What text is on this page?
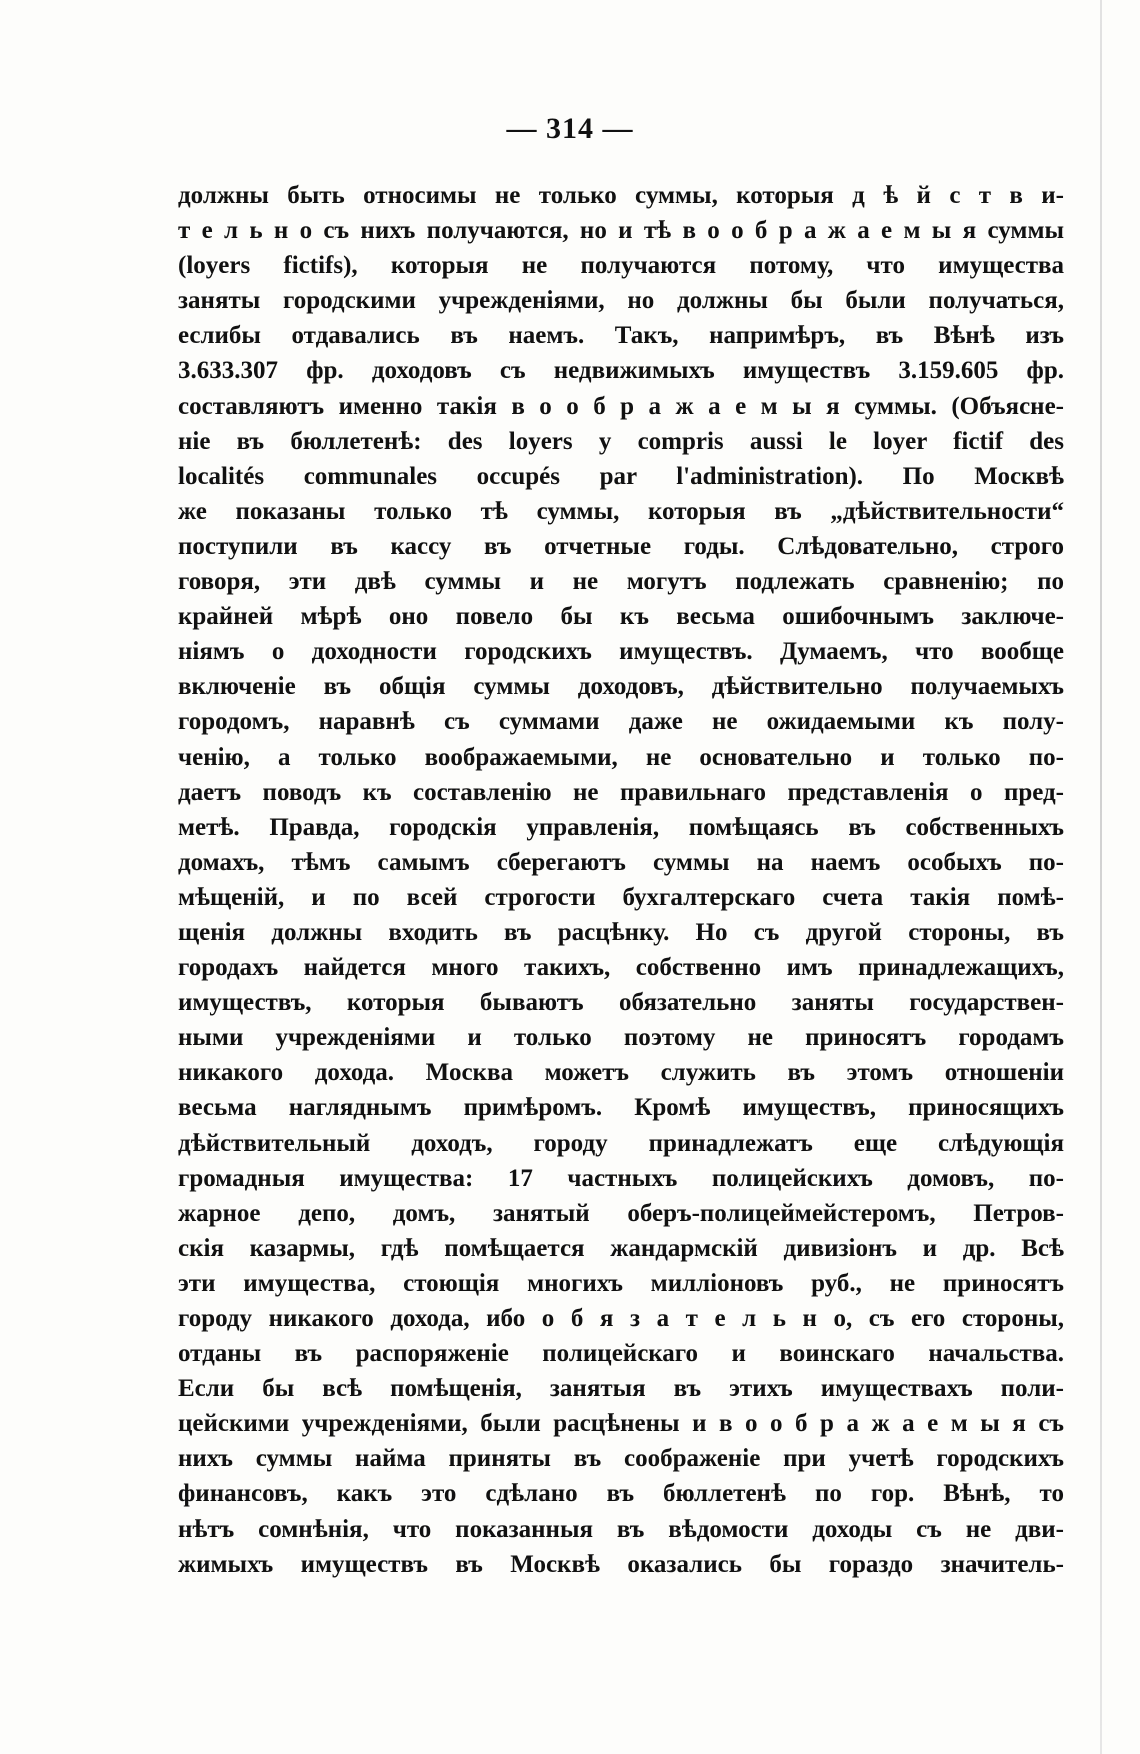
— 314 —
должны быть относимы не только суммы, которыя д ѣ й с т в и-
т е л ь н о съ нихъ получаются, но и тѣ в о о б р а ж а е м ы я суммы
(loyers fictifs), которыя не получаются потому, что имущества
заняты городскими учрежденіями, но должны бы были получаться,
еслибы отдавались въ наемъ. Такъ, напримѣръ, въ Вѣнѣ изъ
3.633.307 фр. доходовъ съ недвижимыхъ имуществъ 3.159.605 фр.
составляютъ именно такія в о о б р а ж а е м ы я суммы. (Объясне-
ніе въ бюллетенѣ: des loyers y compris aussi le loyer fictif des
localités communales occupés par l'administration). По Москвѣ
же показаны только тѣ суммы, которыя въ „дѣйствительности“
поступили въ кассу въ отчетные годы. Слѣдовательно, строго
говоря, эти двѣ суммы и не могутъ подлежать сравненію; по
крайней мѣрѣ оно повело бы къ весьма ошибочнымъ заключе-
ніямъ о доходности городскихъ имуществъ. Думаемъ, что вообще
включеніе въ общія суммы доходовъ, дѣйствительно получаемыхъ
городомъ, наравнѣ съ суммами даже не ожидаемыми къ полу-
ченію, а только воображаемыми, не основательно и только по-
даетъ поводъ къ составленію не правильнаго представленія о пред-
метѣ. Правда, городскія управленія, помѣщаясь въ собственныхъ
домахъ, тѣмъ самымъ сберегаютъ суммы на наемъ особыхъ по-
мѣщеній, и по всей строгости бухгалтерскаго счета такія помѣ-
щенія должны входить въ расцѣнку. Но съ другой стороны, въ
городахъ найдется много такихъ, собственно имъ принадлежащихъ,
имуществъ, которыя бываютъ обязательно заняты государствен-
ными учрежденіями и только поэтому не приносятъ городамъ
никакого дохода. Москва можетъ служить въ этомъ отношеніи
весьма нагляднымъ примѣромъ. Кромѣ имуществъ, приносящихъ
дѣйствительный доходъ, городу принадлежатъ еще слѣдующія
громадныя имущества: 17 частныхъ полицейскихъ домовъ, по-
жарное депо, домъ, занятый оберъ-полицеймейстеромъ, Петров-
скія казармы, гдѣ помѣщается жандармскій дивизіонъ и др. Всѣ
эти имущества, стоющія многихъ милліоновъ руб., не приносятъ
городу никакого дохода, ибо о б я з а т е л ь н о, съ его стороны,
отданы въ распоряженіе полицейскаго и воинскаго начальства.
Если бы всѣ помѣщенія, занятыя въ этихъ имуществахъ поли-
цейскими учрежденіями, были расцѣнены и в о о б р а ж а е м ы я съ
нихъ суммы найма приняты въ соображеніе при учетѣ городскихъ
финансовъ, какъ это сдѣлано въ бюллетенѣ по гор. Вѣнѣ, то
нѣтъ сомнѣнія, что показанныя въ вѣдомости доходы съ не дви-
жимыхъ имуществъ въ Москвѣ оказались бы гораздо значитель-
